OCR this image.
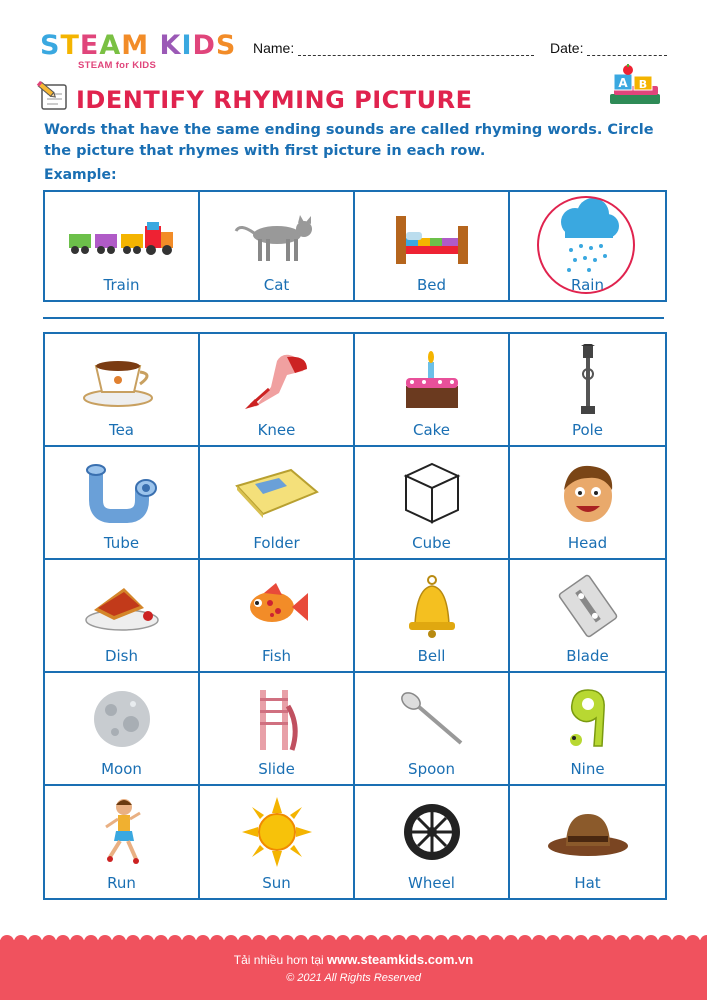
STEAM KIDS
STEAM for KIDS
Name:	Date:
A B
IDENTIFY RHYMING PICTURE
Words that have the same ending sounds are called rhyming words. Circle the picture that rhymes with first picture in each row.
Example:
Train	Cat	Bed	Rain
Tea	Knee	Cake	Pole
Tube	Folder	Cube	Head
Dish	Fish	Bell	Blade
Moon	Slide	Spoon	Nine
Run	Sun	Wheel	Hat
Tải nhiều hơn tại www.steamkids.com.vn
© 2021 All Rights Reserved
